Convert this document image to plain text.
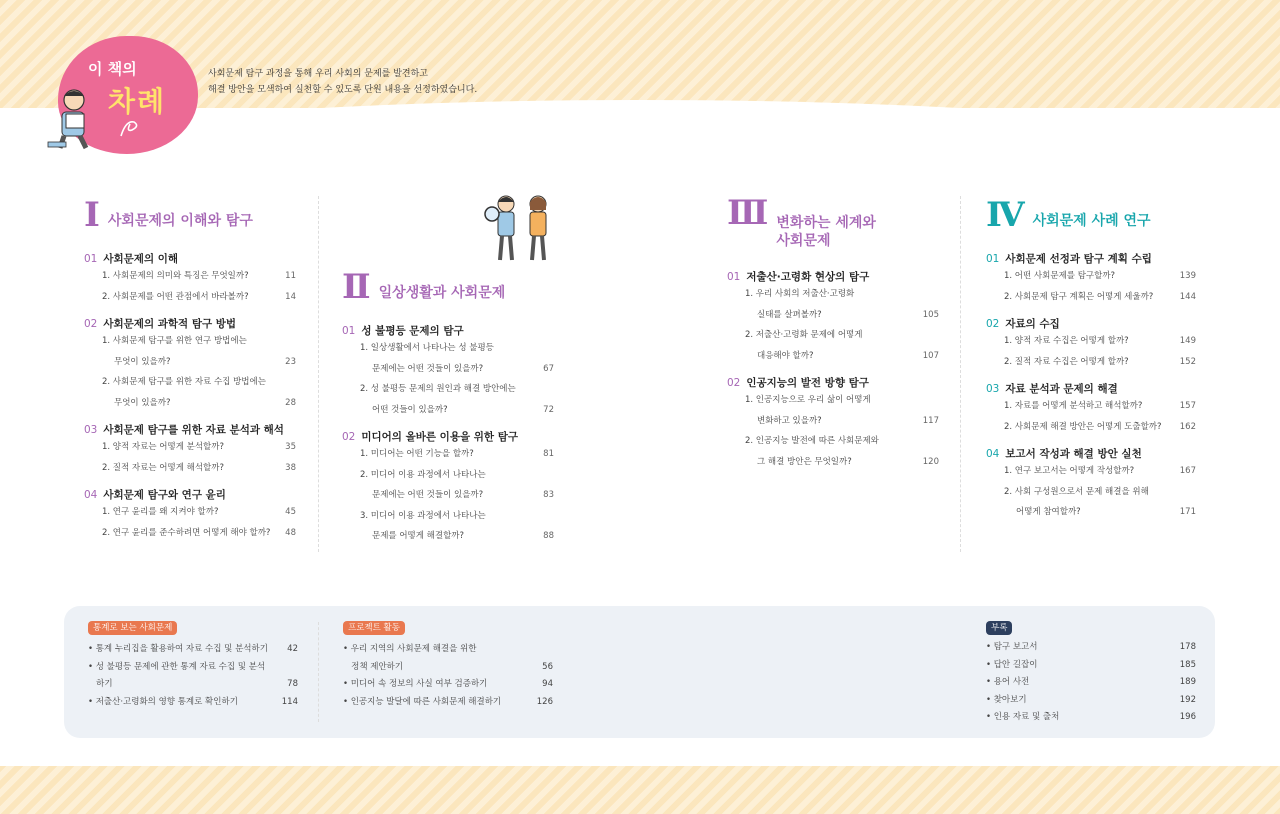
이 책의
차례
사회문제 탐구 과정을 통해 우리 사회의 문제를 발견하고
해결 방안을 모색하여 실천할 수 있도록 단원 내용을 선정하였습니다.
Ⅰ 사회문제의 이해와 탐구
01 사회문제의 이해
1. 사회문제의 의미와 특징은 무엇일까?	11
2. 사회문제를 어떤 관점에서 바라볼까?	14
02 사회문제의 과학적 탐구 방법
1. 사회문제 탐구를 위한 연구 방법에는
무엇이 있을까?	23
2. 사회문제 탐구를 위한 자료 수집 방법에는
무엇이 있을까?	28
03 사회문제 탐구를 위한 자료 분석과 해석
1. 양적 자료는 어떻게 분석할까?	35
2. 질적 자료는 어떻게 해석할까?	38
04 사회문제 탐구와 연구 윤리
1. 연구 윤리를 왜 지켜야 할까?	45
2. 연구 윤리를 준수하려면 어떻게 해야 할까? 48
Ⅱ 일상생활과 사회문제
01 성 불평등 문제의 탐구
1. 일상생활에서 나타나는 성 불평등
문제에는 어떤 것들이 있을까?	67
2. 성 불평등 문제의 원인과 해결 방안에는
어떤 것들이 있을까?	72
02 미디어의 올바른 이용을 위한 탐구
1. 미디어는 어떤 기능을 할까?	81
2. 미디어 이용 과정에서 나타나는
문제에는 어떤 것들이 있을까?	83
3. 미디어 이용 과정에서 나타나는
문제를 어떻게 해결할까?	88
Ⅲ 변화하는 세계와
사회문제
01 저출산·고령화 현상의 탐구
1. 우리 사회의 저출산·고령화
실태를 살펴볼까?	105
2. 저출산·고령화 문제에 어떻게
대응해야 할까?	107
02 인공지능의 발전 방향 탐구
1. 인공지능으로 우리 삶이 어떻게
변화하고 있을까?	117
2. 인공지능 발전에 따른 사회문제와
그 해결 방안은 무엇일까?	120
Ⅳ 사회문제 사례 연구
01 사회문제 선정과 탐구 계획 수립
1. 어떤 사회문제를 탐구할까?	139
2. 사회문제 탐구 계획은 어떻게 세울까?	144
02 자료의 수집
1. 양적 자료 수집은 어떻게 할까?	149
2. 질적 자료 수집은 어떻게 할까?	152
03 자료 분석과 문제의 해결
1. 자료를 어떻게 분석하고 해석할까?	157
2. 사회문제 해결 방안은 어떻게 도출할까? 162
04 보고서 작성과 해결 방안 실천
1. 연구 보고서는 어떻게 작성할까?	167
2. 사회 구성원으로서 문제 해결을 위해
어떻게 참여할까?	171
통계로 보는 사회문제
• 통계 누리집을 활용하여 자료 수집 및 분석하기 42
• 성 불평등 문제에 관한 통계 자료 수집 및 분석
하기	78
• 저출산·고령화의 영향 통계로 확인하기	114
프로젝트 활동
• 우리 지역의 사회문제 해결을 위한
정책 제안하기	56
• 미디어 속 정보의 사실 여부 검증하기	94
• 인공지능 발달에 따른 사회문제 해결하기	126
부록
• 탐구 보고서	178
• 답안 길잡이	185
• 용어 사전	189
• 찾아보기	192
• 인용 자료 및 출처	196
